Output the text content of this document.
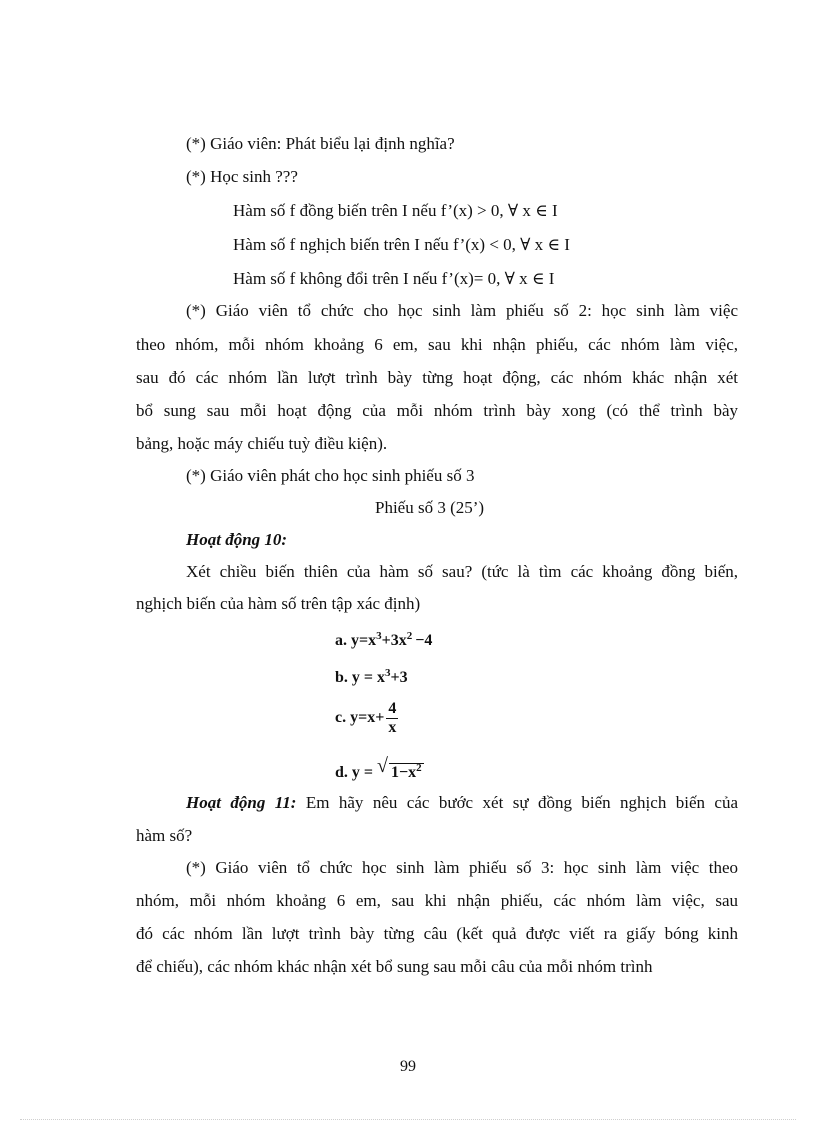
(*) Giáo viên: Phát biểu lại định nghĩa?
(*) Học sinh ???
Hàm số f đồng biến trên I nếu f’(x) > 0, ∀ x ∈ I
Hàm số f nghịch biến trên I nếu f’(x) < 0, ∀ x ∈ I
Hàm số f không đổi trên I nếu f’(x)= 0, ∀ x ∈ I
(*) Giáo viên tổ chức cho học sinh làm phiếu số 2: học sinh làm việc
theo nhóm, mỗi nhóm khoảng 6 em, sau khi nhận phiếu, các nhóm làm việc,
sau đó các nhóm lần lượt trình bày từng hoạt động, các nhóm khác nhận xét
bổ sung sau mỗi hoạt động của mỗi nhóm trình bày xong (có thể trình bày
bảng, hoặc máy chiếu tuỳ điều kiện).
(*) Giáo viên phát cho học sinh phiếu số 3
Phiếu số 3 (25’)
Hoạt động 10:
Xét chiều biến thiên của hàm số sau? (tức là tìm các khoảng đồng biến,
nghịch biến của hàm số trên tập xác định)
a. $y=x^3+3x^2 -4$
b. $y = x^3+3$
c. $y=x+ \frac{4}{x}$
d. y = √ $1-x^2$
Hoạt động 11: Em hãy nêu các bước xét sự đồng biến nghịch biến của
hàm số?
(*) Giáo viên tổ chức học sinh làm phiếu số 3: học sinh làm việc theo
nhóm, mỗi nhóm khoảng 6 em, sau khi nhận phiếu, các nhóm làm việc, sau
đó các nhóm lần lượt trình bày từng câu (kết quả được viết ra giấy bóng kinh
để chiếu), các nhóm khác nhận xét bổ sung sau mỗi câu của mỗi nhóm trình
99
